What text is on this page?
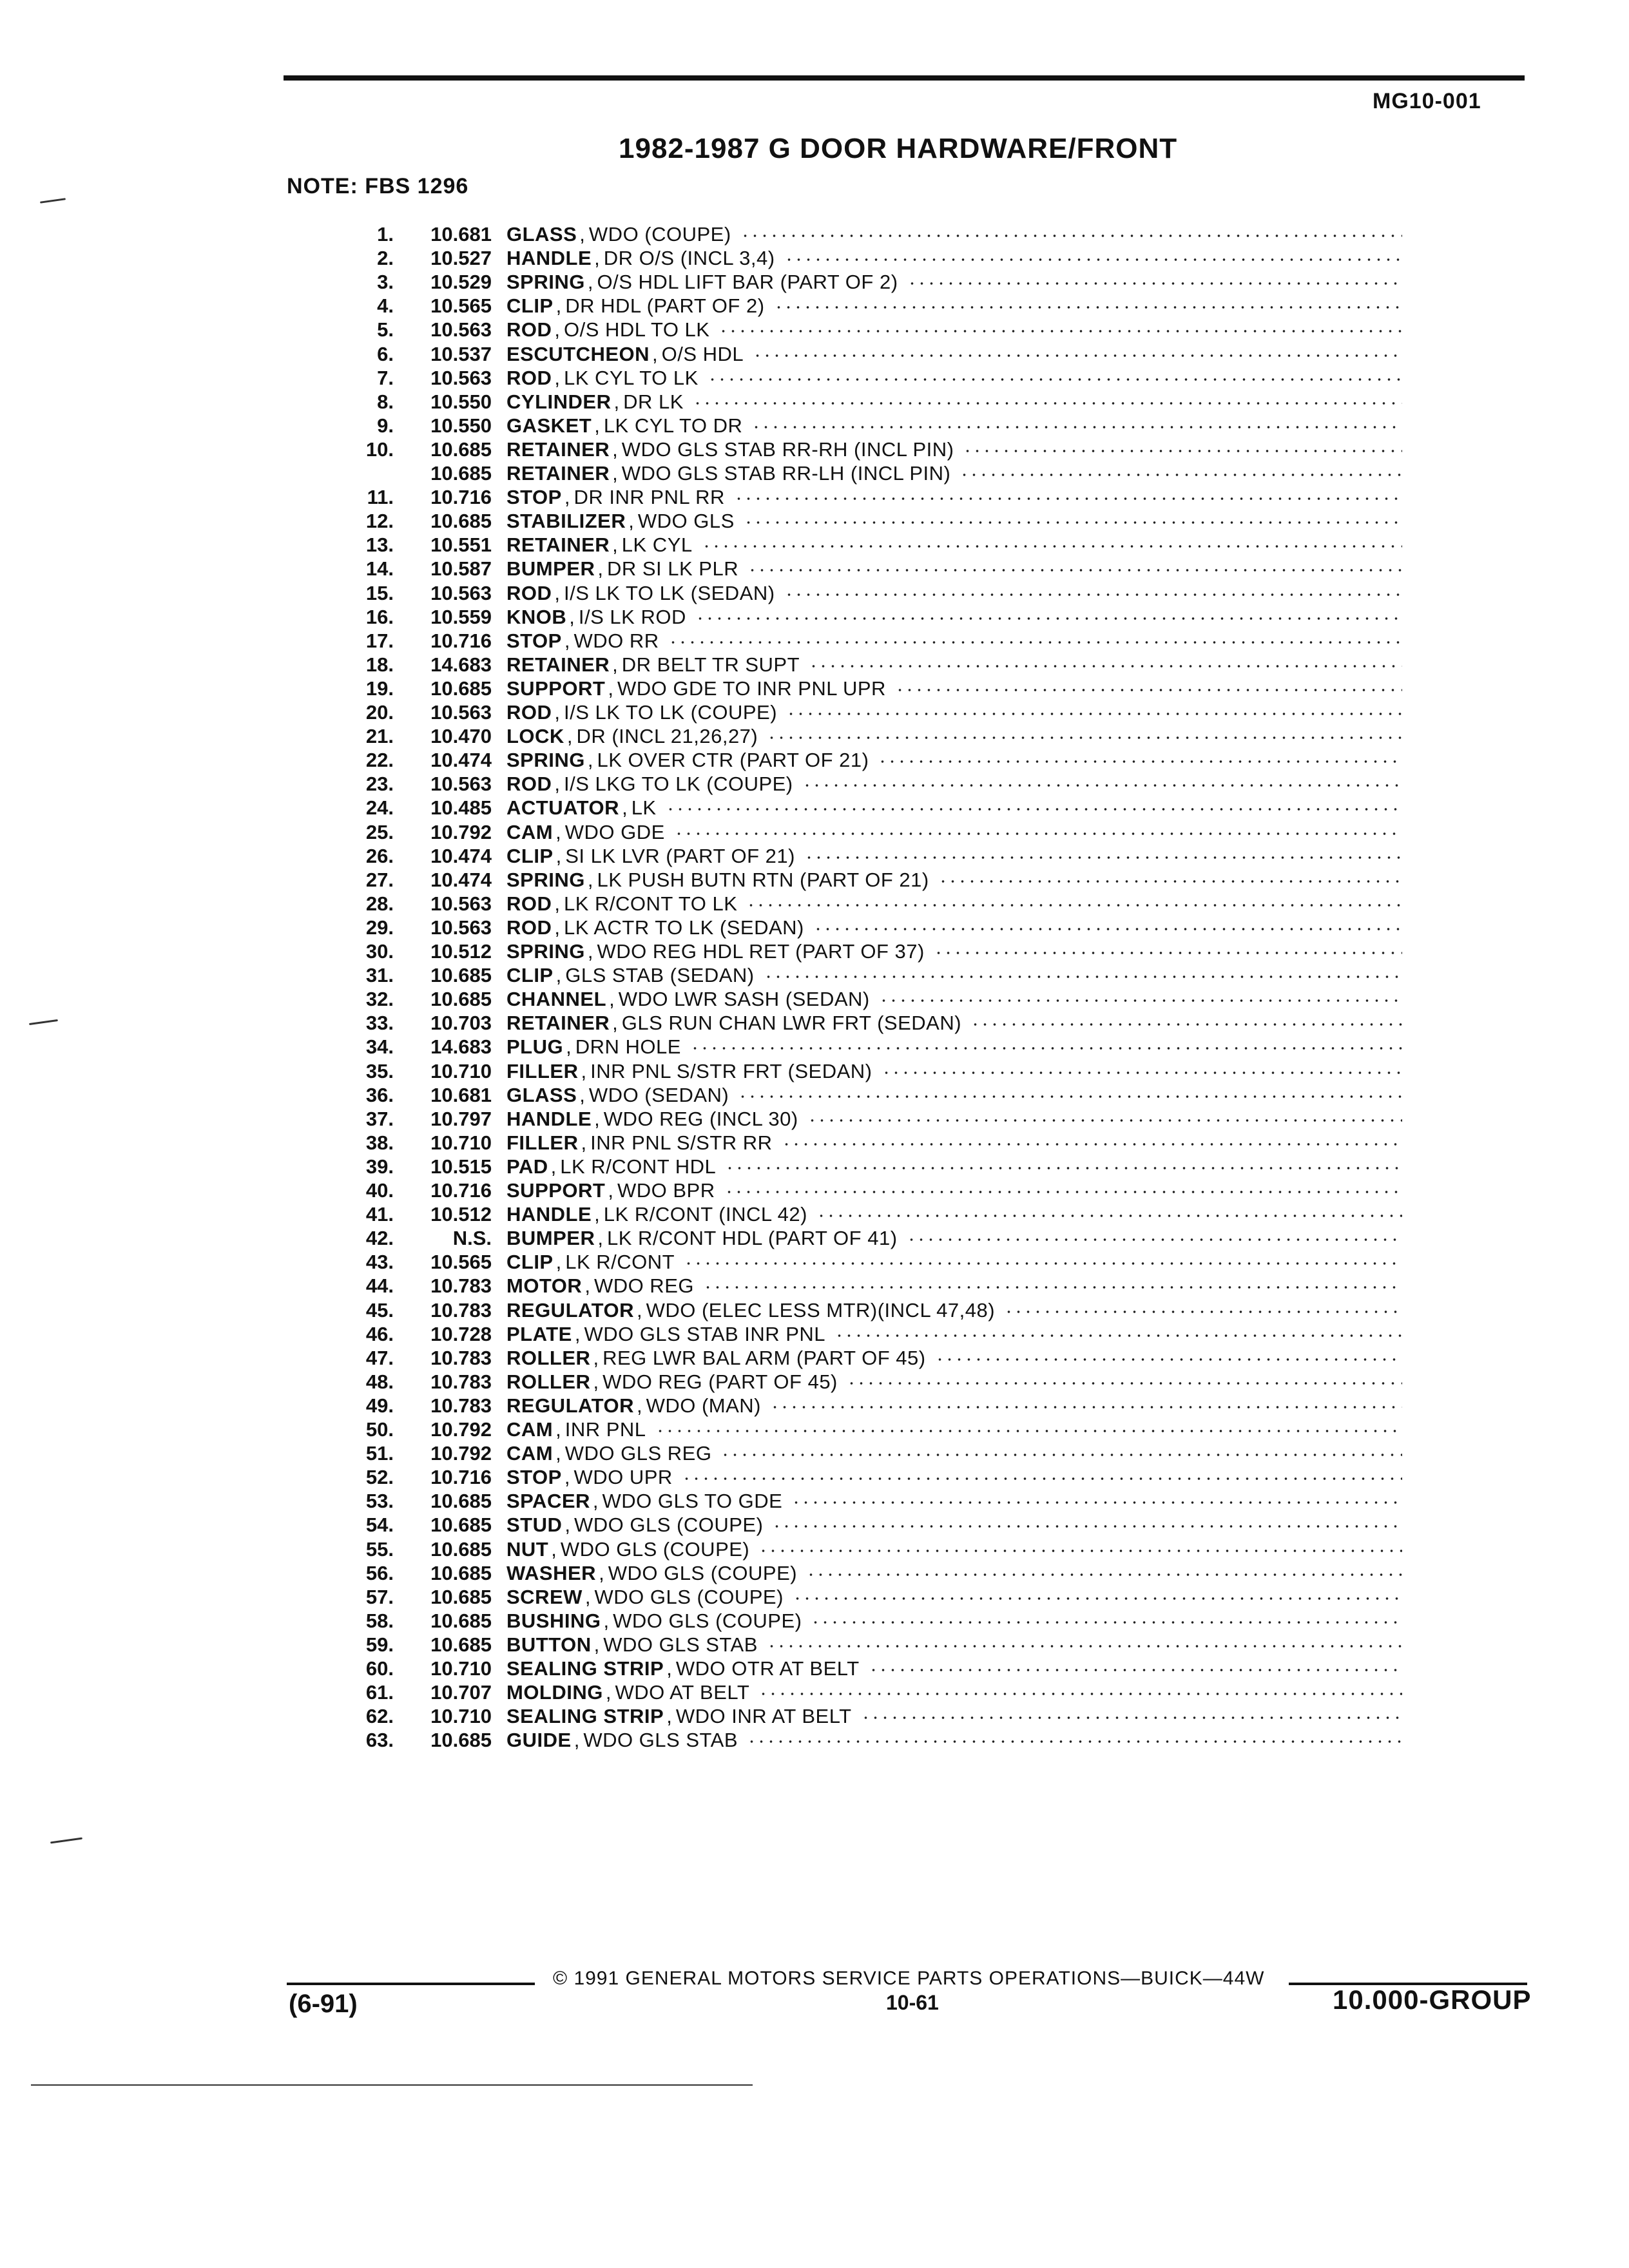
MG10-001
1982-1987 G DOOR HARDWARE/FRONT
NOTE: FBS 1296
1.	10.681 GLASS , WDO (COUPE)
2.	10.527 HANDLE , DR O/S (INCL 3,4)
3.	10.529 SPRING , O/S HDL LIFT BAR (PART OF 2)
4.	10.565 CLIP , DR HDL (PART OF 2)
5.	10.563 ROD , O/S HDL TO LK
6.	10.537 ESCUTCHEON , O/S HDL
7.	10.563 ROD , LK CYL TO LK
8.	10.550 CYLINDER , DR LK
9.	10.550 GASKET , LK CYL TO DR
10.	10.685 RETAINER , WDO GLS STAB RR-RH (INCL PIN)
10.685 RETAINER , WDO GLS STAB RR-LH (INCL PIN)
11.	10.716 STOP , DR INR PNL RR
12.	10.685 STABILIZER , WDO GLS
13.	10.551 RETAINER , LK CYL
14.	10.587 BUMPER , DR SI LK PLR
15.	10.563 ROD , I/S LK TO LK (SEDAN)
16.	10.559 KNOB , I/S LK ROD
17.	10.716 STOP , WDO RR
18.	14.683 RETAINER , DR BELT TR SUPT
19.	10.685 SUPPORT , WDO GDE TO INR PNL UPR
20.	10.563 ROD , I/S LK TO LK (COUPE)
21.	10.470 LOCK , DR (INCL 21,26,27)
22.	10.474 SPRING , LK OVER CTR (PART OF 21)
23.	10.563 ROD , I/S LKG TO LK (COUPE)
24.	10.485 ACTUATOR , LK
25.	10.792 CAM , WDO GDE
26.	10.474 CLIP , SI LK LVR (PART OF 21)
27.	10.474 SPRING , LK PUSH BUTN RTN (PART OF 21)
28.	10.563 ROD , LK R/CONT TO LK
29.	10.563 ROD , LK ACTR TO LK (SEDAN)
30.	10.512 SPRING , WDO REG HDL RET (PART OF 37)
31.	10.685 CLIP , GLS STAB (SEDAN)
32.	10.685 CHANNEL , WDO LWR SASH (SEDAN)
33.	10.703 RETAINER , GLS RUN CHAN LWR FRT (SEDAN)
34.	14.683 PLUG , DRN HOLE
35.	10.710 FILLER , INR PNL S/STR FRT (SEDAN)
36.	10.681 GLASS , WDO (SEDAN)
37.	10.797 HANDLE , WDO REG (INCL 30)
38.	10.710 FILLER , INR PNL S/STR RR
39.	10.515 PAD , LK R/CONT HDL
40.	10.716 SUPPORT , WDO BPR
41.	10.512 HANDLE , LK R/CONT (INCL 42)
42.	N.S. BUMPER , LK R/CONT HDL (PART OF 41)
43.	10.565 CLIP , LK R/CONT
44.	10.783 MOTOR , WDO REG
45.	10.783 REGULATOR , WDO (ELEC LESS MTR)(INCL 47,48)
46.	10.728 PLATE , WDO GLS STAB INR PNL
47.	10.783 ROLLER , REG LWR BAL ARM (PART OF 45)
48.	10.783 ROLLER , WDO REG (PART OF 45)
49.	10.783 REGULATOR , WDO (MAN)
50.	10.792 CAM , INR PNL
51.	10.792 CAM , WDO GLS REG
52.	10.716 STOP , WDO UPR
53.	10.685 SPACER , WDO GLS TO GDE
54.	10.685 STUD , WDO GLS (COUPE)
55.	10.685 NUT , WDO GLS (COUPE)
56.	10.685 WASHER , WDO GLS (COUPE)
57.	10.685 SCREW , WDO GLS (COUPE)
58.	10.685 BUSHING , WDO GLS (COUPE)
59.	10.685 BUTTON , WDO GLS STAB
60.	10.710 SEALING STRIP , WDO OTR AT BELT
61.	10.707 MOLDING , WDO AT BELT
62.	10.710 SEALING STRIP , WDO INR AT BELT
63.	10.685 GUIDE , WDO GLS STAB
© 1991 GENERAL MOTORS SERVICE PARTS OPERATIONS—BUICK—44W
(6-91)	10-61	10.000-GROUP
